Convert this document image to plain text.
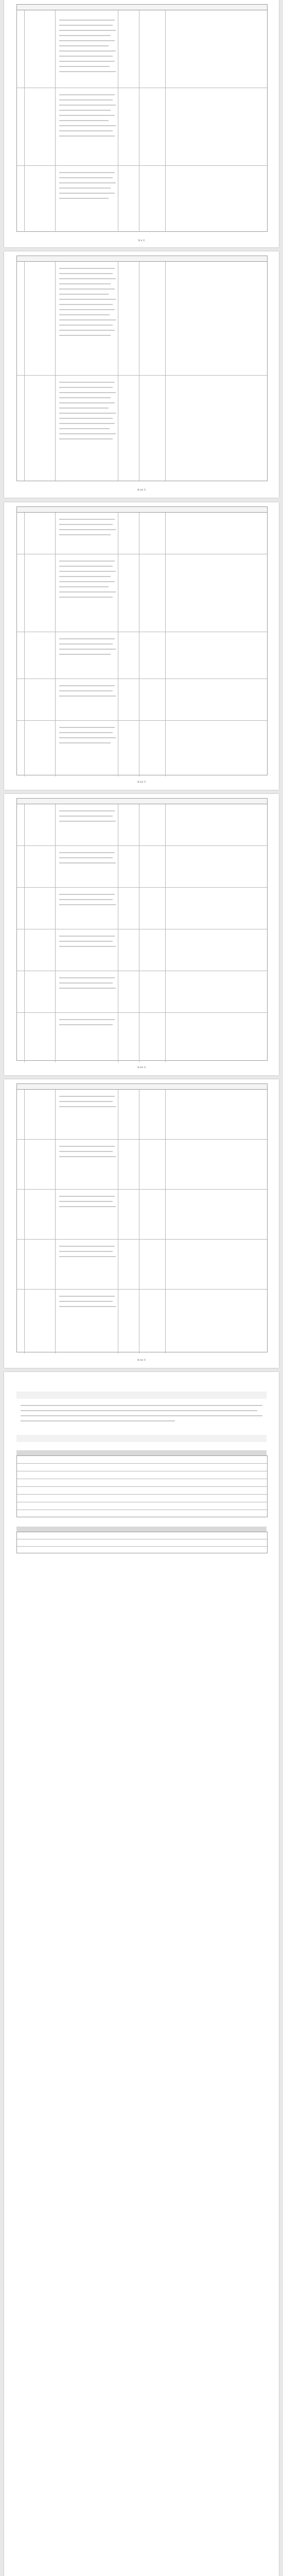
第 X 页
第 XX 页
第 XX 页
第 XX 页
第 XX 页
